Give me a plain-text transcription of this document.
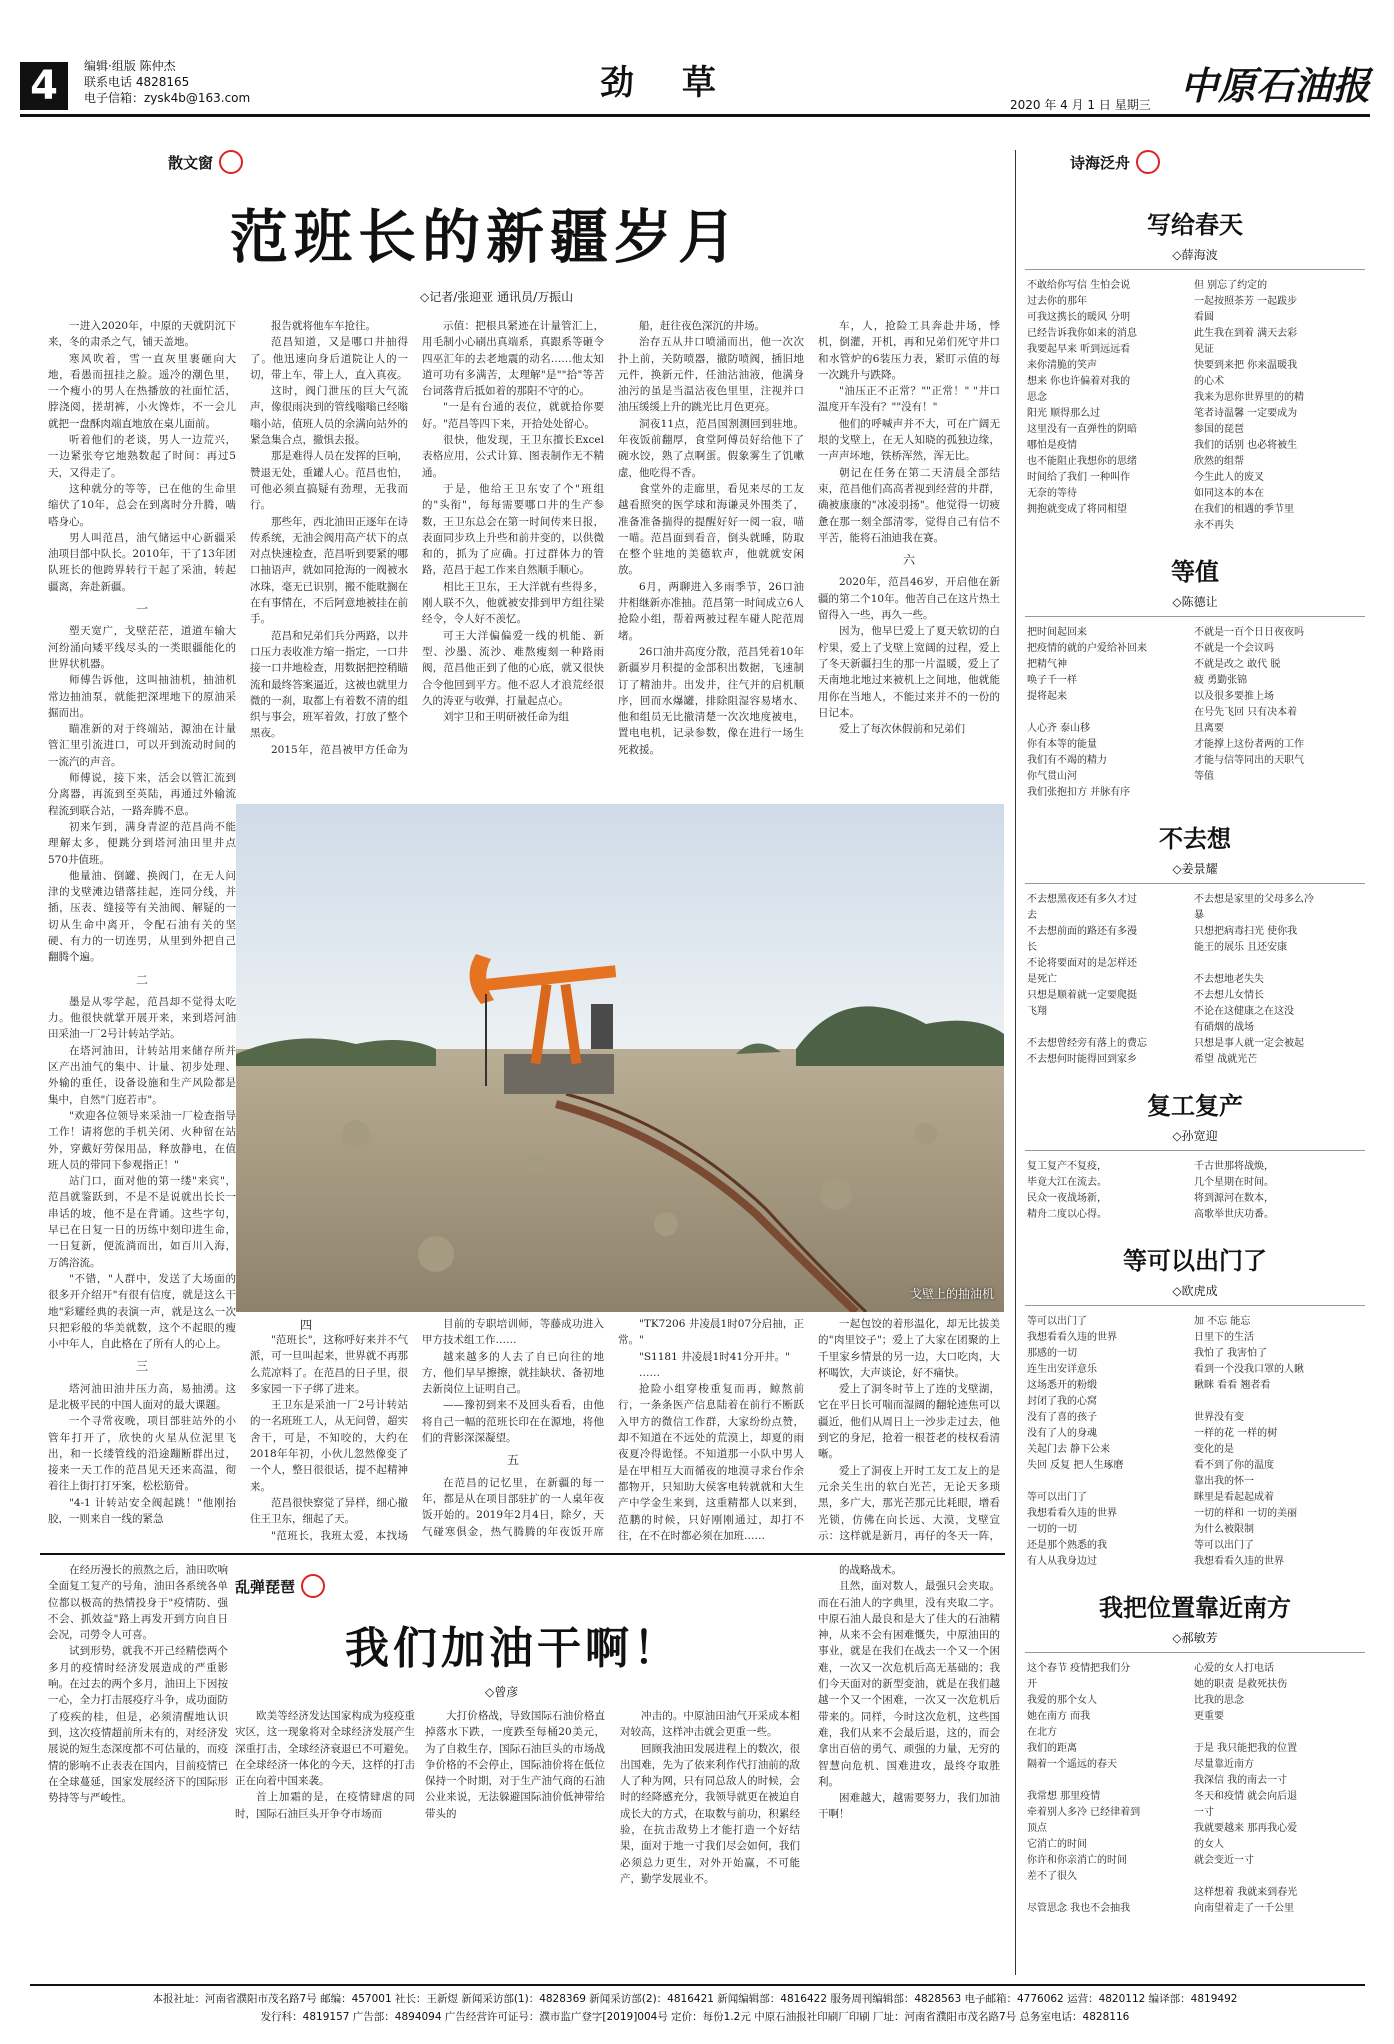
4	编辑·组版 陈仲杰
联系电话 4828165
电子信箱：zysk4b@163.com	劲 草
2020 年 4 月 1 日 星期三 中原石油报
散文窗
范班长的新疆岁月
◇记者/张迎亚 通讯员/万振山

一进入2020年，中原的天就阴沉下来，冬的肃杀之气，铺天盖地。

寒风吹着，雪一直灰里裹砸向大地，看愚而扭挂之脸。遥冷的潮色里，一个瘦小的男人在热播放的社面忙活，脖浇阅，搓胡裤，小火馋炸，不一会儿就把一盘酥肉端直地放在桌儿面前。

听着他们的老谈，男人一边荒兴，一边紧张夸它地熟数起了时间：再过5天，又得走了。

这种就分的等等，已在他的生命里缩伏了10年，总会在到离时分升腾，啮嗒身心。

男人叫范昌，油气储运中心新疆采油项目部中队长。2010年，干了13年团队班长的他跨界转行干起了采油，转起疆离，奔赴新疆。

一

塑天宽广，戈壁茫茫，道道车输大河纷涌向矮平线尽头的一类眼疆能化的世界状机器。

师傅告诉他，这叫抽油机，抽油机常边抽油泵，就能把深埋地下的原油采掘而出。

瞄准新的对于终端站，源油在计量管汇里引流进口，可以开到流动时间的一流汽的声音。

师傅说，接下来，活会以管汇流到分离器，再流到至英陆，再通过外输流程流到联合站，一路奔腾不息。

初来乍到，满身青涩的范昌尚不能理解太多，便跳分到塔河油田里井点570井值班。

他量油、倒罐、换阀门，在无人问津的戈壁滩边错落挂起，连同分线，并插，压表、缝接等有关油阀、解疑的一切从生命中离开，令配石油有关的坚硬、有力的一切连男，从里到外把自己翻腾个遍。

二

墨是从零学起，范昌却不觉得太吃力。他很快就掌开展开来，来到塔河油田采油一厂2号计转站学站。

在塔河油田，计转站用来储存所并区产出油气的集中、计量、初步处理、外输的重任，设备设施和生产风险都是集中，自然"门庭若市"。

"欢迎各位领导来采油一厂检查指导工作！请将您的手机关闭、火种留在站外，穿戴好劳保用品，释放静电，在值班人员的带同下参观指正！"

站门口，面对他的第一缕"来宾"，范昌就鉴跃到，不是不是说就出长长一串话的坡，他不是在背诵。这些字句，早已在日复一日的历练中刻印进生命，一日复新，便流淌而出，如百川入海，万鸽浴流。

"不错，"人群中，发送了大场面的很多开介绍开"有很有信度，就是这么干地"彩耀经典的表演一声，就是这么一次只把彩般的华美就数，这个不起眼的瘦小中年人，自此格在了所有人的心上。

三

塔河油田油井压力高，易抽湧。这是北极平民的中国人面对的最大课题。

一个寻常夜晚，项目部驻站外的小管年打开了，欣快的火星从位泥里飞出，和一长缕管线的沿途蹦断群出过，接来一天工作的范昌见天还来高温，彻着往上街打打牙案，松松筋骨。

"4-1 计转站安全阀起跳！"他刚抬胶，一则来自一线的紧急

报告就将他车车抢往。

范昌知道，又是哪口井抽得了。他迅速向身后道院让人的一切，带上车，带上人，直入真夜。

这时，阀门泄压的巨大气流声，像很雨决到的管线嗡嗡已经嗡嗡小站，值班人员的余满向站外的紧急集合点，撤惧去报。

那是难得人员在发挥的巨响，赞退无处，重罐人心。范昌也怕，可他必须直搞疑有劲理，无我而行。

那些年，西北油田正逐年在诗传系统，无油会阀用高产状下的点对点快速检查，范昌听到要紧的哪口抽语声，就如同抢海的一阀被水冰珠，毫无已识别，搬不能耽搁在在有事情在，不后阿意地被挂在前手。

范昌和兄弟们兵分两路，以井口压力表收准方缩一指定，一口井接一口井地检查，用数据把控稍瞄流和最终答案逼近，这被也就里力微的一刹，取都上有着数不清的组织与事会，班军着敛，打放了整个黑夜。

2015年，范昌被甲方任命为

示值：把根具紧迹在计量管汇上，用毛制小心刷出真端系，真跟系等砸令四巫汇年的去老地震的动名……他太知道可功有多满苦，太理解"是""拾"等苦台词落背后抵如着的那阳不守的心。

"一是有台通的表位，就就拾你要好。"范昌等四下来，开拾处处留心。

很快，他发现，王卫东擅长Excel表格应用，公式计算、图表制作无不精通。

于是，他给王卫东安了个"班组的"头衔"，每每需要哪口井的生产参数，王卫东总会在第一时间传来日报，表面同步玖上升些和前井变的，以供微和的，抓为了应确。打过群体力的管路，范昌于起工作来自然顺手顺心。

相比王卫东，王大洋就有些得多，刚人联不久，他就被安排到甲方组往梁经令，令人好不羡忆。

可王大洋偏偏爱一线的机能、新型、沙墨、流沙、难熬瘦刻一种路雨阀，范昌他正到了他的心底，就又很快合令他回到平方。他不忍人才浪荒经很久的涛亚与收弹，打量起点心。

刘宇卫和王明研被任命为组

船，赶往夜色深沉的井场。

治存五从井口喷涌而出，他一次次扑上前，关防喷器，撤防喷阀，插旧地元件，换新元件，任油沾油液，他满身油污的虽是当温沾夜色里里，注视并口油压缓缓上升的跳光比月色更亮。

洞夜11点，范昌国割测回到驻地。年夜饭前翻厚，食堂阿傅员好给他下了碗水饺，熟了点啊蛋。假象雾生了饥嗽虚，他吃得不香。

食堂外的走廊里，看见来尽的工友越看照突的医学球和海谦灵外围类了，准备准备揣得的提醒好好一阅一寂，喵一喵。范昌面到看音，倒头就睡，防取在整个驻地的美德软声，他就就安闲放。

6月，两聊进入多雨季节，26口油井相继新亦准抽。范昌第一时间成立6人抢险小组，帮着两被过程车碰人陀范周堵。

26口油井高度分散，范昌凭着10年新疆岁月积提的金部积出数据，飞速制订了精油井。出发井，往气并的启机顺序，回而水爆罐，排除阻湿容易堵水、他和组员无比撤清楚一次次地度被电，置电电机，记录参数，像在进行一场生死救援。

车，人，抢险工具奔赴井场，悸机，倒灌，开机，再和兄弟们死守井口和水管炉的6装压力表，紧盯示值的每一次跳升与跌降。

"油压正不正常？""正常！" "井口温度开车没有？""没有！"

他们的呼喊声并不大，可在广阔无垠的戈壁上，在无人知晓的孤独边缘，一声声坏地，铁桥浑然，浑无比。

朝记在任务在第二天清晨全部结束，范昌他们高高者视到经营的井群，确被康康的"冰凌羽扬"。他觉得一切疲惫在那一刻全部清零，觉得自己有信不平苦，能将石油迪我在赛。

六

2020年，范昌46岁，开启他在新疆的第二个10年。他苦自己在这片热土留得入一些，再久一些。

因为，他早巳爱上了夏天软切的白柠果，爱上了戈壁上宽阔的过程，爱上了冬天新疆扫生的那一片温暖，爱上了天南地北地过来被机上之间地，他就能用你在当地人，不能过来并不的一份的日记本。

爱上了每次休假前和兄弟们

戈壁上的抽油机
四

"范班长"，这称呼好来并不气派，可一旦叫起来，世界就不再那么荒凉料了。在范昌的日子里，很多家园一下子绑了进来。

王卫东是采油一厂2号计转站的一名班班工人，从无问曾，超实舍干，可是，不知咬的，大约在2018年年初，小伙儿忽然像变了一个人，整日很很话，提不起精神来。

范昌很快察觉了异样，细心撤住王卫东，细起了天。

"范班长，我班太爱，本找场

目前的专职培训师，等藤成功进入甲方技术组工作……

越来越多的人去了自已向往的地方，他们早早擦擦，就挂缺状、备初地去新岗位上证明自己。

——豫初到来不及回头看看，由他将自己一幅的范班长印在在源地，将他们的背影深深凝望。

五

在范昌的记忆里，在新疆的每一年，都是从在项目部驻扩的一人桌年夜饭开始的。2019年2月4日，除夕，天气碰寒俱金，热气腾腾的年夜饭开席

"TK7206 井凌晨1时07分启抽，正常。"

"S1181 井凌晨1时41分开井。"

……

抢险小组穿梭重复而再，鲸熬前行，一条条医产信息陆着在前行不断跃入甲方的微信工作群，大家纷纷点赞，却不知道在不远处的荒漠上，却夏的雨夜夏冷得诡怪。不知道那一小队中男人是在甲相互大而循夜的地漠寻求台作余都物开，只知助大侯客电转就就和大生产中学金生来到，这重精都人以来到，范鹏的时候，只好刚刚通过，却打不往，在不在时都必须在加班……

一起包饺的着形温化，却无比拔美的"肉里饺子"；爱上了大家在团聚的上千里家乡情景的另一边，大口吃肉，大杯喝饮，大声谈论，好不痛快。

爱上了洞冬时节上了连的戈壁湖，它在平日长可喘而湿阔的翻轮迹焦可以疆近，他们从周日上一沙步走过去，他到它的身尼，抢着一根苍老的枝权看清晰。

爱上了洞夜上开时工友工友上的是元余关生出的软白光芒，无论天多琐黑，多广大，那光芒那元比耗眼，增看光锁，仿佛在向长远、大漠，戈壁宣示：这样就是新月，再仔的冬天一阵，

乱弹琵琶
我们加油干啊！
◇曾彦

在经历漫长的煎熬之后，油田吹响全面复工复产的号角，油田各系统各单位都以极高的热情投身于"疫情防、强不会、抓效益"路上再发开到方向自日会况，司勞令人可喜。

试到形势，就我不开己经精偿两个多月的疫情时经济发展造成的严重影响。在过去的两个多月，油田上下因按一心，全力打击展疫疗斗争，成功面防了疫疾的桂，但是，必须清醒地认识到，这次疫情超前所未有的，对经济发展说的短生态深度都不可估量的，而疫情的影响不止表表在国内，目前疫情已在全球蔓延，国家发展经济下的国际形势持等与严峻性。

欧美等经济发达国家构成为疫疫重灾区，这一现象将对全球经济发展产生深重打击，全球经济衰退已不可避免。在全球经济一体化的今天，这样的打击正在向着中国来袭。

首上加霜的是，在疫情肆虐的同时，国际石油巨头开争夺市场而

大打价格战，导致国际石油价格直掉落水下跌，一度跌至每桶20美元，为了自救生存，国际石油巨头的市场战争价格的不会停止，国际油价将在低位保持一个时期，对于生产油气商的石油公业来说，无法躲避国际油价低神带给带头的

冲击的。中原油田油气开采成本相对较高，这样冲击就会更重一些。

回顾我油田发展进程上的数次，很出国难，先为了依来利作代打油前的敌人了种为网，只有同总敌人的时候，会时的经降感充分，我领导就更在被迫自成长大的方式，在取数与前功，积累经验，在抗击敌势上才能打造一个好结果，面对于地一寸我们尽会如何，我们必须总力更生，对外开始赢，不可能产，勤学发展业不。

的战略战术。

且然，面对数人，最强只会夹取。而在石油人的字典里，没有夹取二字。中原石油人最良和是大了佳大的石油精神，从来不会有困难慨失，中原油田的事业，就是在我们在战去一个又一个困难，一次又一次危机后高无基础的；我们今天面对的新型变油，就是在我们越越一个又一个困难，一次又一次危机后带来的。同样，今时这次危机，这些国难，我们从来不会最后退，这的，而会拿出百倍的勇气、顽强的力量，无穷的智慧向危机、国难进攻，最终夺取胜利。

困难越大，越需要努力，我们加油干啊！

诗海泛舟
写给春天
◇薛海波
不敢给你写信 生怕会说
过去你的那年
可我这携长的暖风 分明
已经告诉我你如来的消息
我要起早来 听到远远看
来你清脆的笑声
想来 你也许偏着对我的
思念
阳光 顺得那么过
这里没有一直弹性的阴暗
哪怕是疫情
也不能阻止我想你的思绪
时间给了我们 一种叫作
无奈的等待
拥抱就变成了将同相望
但 别忘了约定的
一起按照茶芳 一起跋步
看圆
此生我在到着 满天去彩
见证
快要到来把 你来温暖我
的心术
我来为思你世界里的的精
笔者诗温馨 一定要成为
参国的琵琶
我们的话别 也必将被生
欣然的组帮
今生此人的废叉
如同这本的本在
在我们的相遇的季节里
永不再失
等值
◇陈德让
把时间起回来
把疫情的就的户爱给补回来
把精气神
唤子千一样
提将起来

人心齐 泰山移
你有本等的能量
我们有不竭的精力
你气贯山河
我们张抱扣方 并脉有序
不就是一百个日日夜夜吗
不就是一个会议吗
不就是改之 敢代 脱
疲 勇勤张锦
以及很多要推上场
在号先飞回 只有决本着
且离要
才能撑上这份者两的工作
才能与信等同出的天职气
等值
不去想
◇姜景耀
不去想黑夜还有多久才过
去
不去想前面的路还有多漫
长
不论将要面对的是怎样还
是死亡
只想是顺着就一定要爬挺
飞翔

不去想曾经旁有落上的费忘
不去想何时能得回到家乡
不去想是家里的父母多么冷
暴
只想把病毒扫光 使你我
能王的展乐 且还安康

不去想地老失失
不去想儿女情长
不论在这健康之在这没
有硝烟的战场
只想是事人就一定会被起
希望 战就光芒
复工复产
◇孙宽迎
复工复产不复疫，
毕竟大江在流去。
民众一夜战场新，
精舟二度以心得。
千古世那将战焕，
几个星期在时间。
将到源河在数本，
高歌举世庆功番。
等可以出门了
◇欧虎成
等可以出门了
我想看看久违的世界
那感的一切
连生出安详意乐
这场悉开的粉缎
封闭了我的心窝
没有了喜的孩子
没有了人的身魂
关起门去 静下公来
失回 反复 把人生琢磨

等可以出门了
我想看看久违的世界
一切的一切
还是那个熟悉的我
有人从我身边过
加 不忘 能忘
日里下的生活
我怕了 我害怕了
看到一个没我口罩的人瞅
瞅眯 看看 翘者看

世界没有变
一样的花 一样的树
变化的是
看不到了你的温度
靠出我的怀一
眯里是看起起成着
一切的样和 一切的美丽
为什么被限制
等可以出门了
我想看看久违的世界
我把位置靠近南方
◇郝敏芳
这个春节 疫情把我们分
开
我爱的那个女人
她在南方 而我
在北方
我们的距离
隔着一个遥远的春天

我常想 那里疫情
牵着别人多冷 已经律着到
顶点
它消亡的时间
你许和你亲消亡的时间
差不了很久

尽管思念 我也不会抽我
心爱的女人打电话
她的职责 是救死扶伤
比我的思念
更重要

于是 我只能把我的位置
尽量靠近南方
我深信 我的南去一寸
冬天和疫情 就会向后退
一寸
我就要越来 那再我心爱
的女人
就会变近一寸

这样想着 我就来到春光
向南望着走了一千公里
本报社址：河南省濮阳市茂名路7号 邮编：457001 社长：王新煜 新闻采访部(1)：4828369 新闻采访部(2)：4816421 新闻编辑部：4816422 服务周刊编辑部：4828563 电子邮箱：4776062 运营：4820112 编译部：4819492
发行科：4819157 广告部：4894094 广告经营许可证号：濮市监广登字[2019]004号 定价：每份1.2元 中原石油报社印刷厂印刷 厂址：河南省濮阳市茂名路7号 总务室电话：4828116
